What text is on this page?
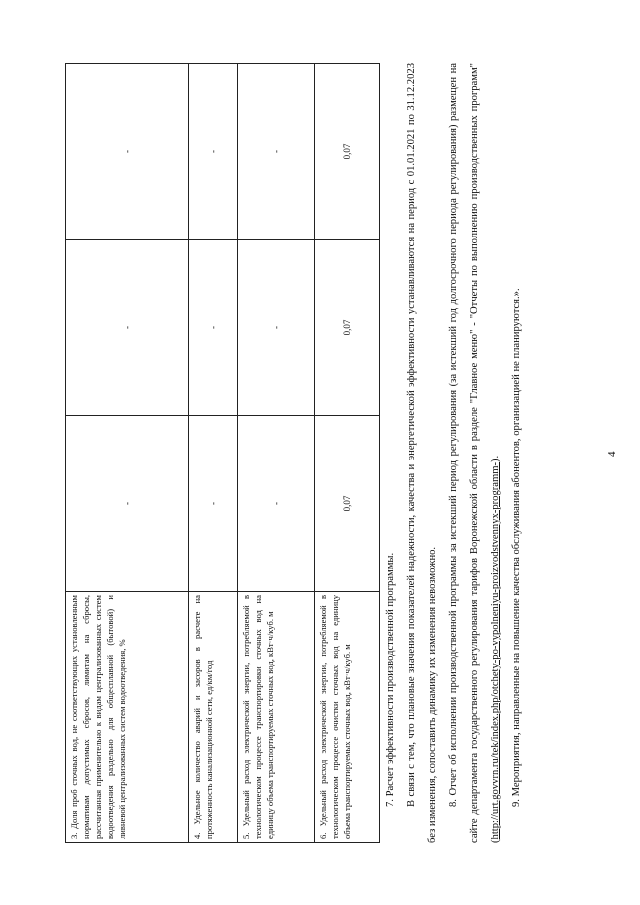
4
3. Доля проб сточных вод, не соответствующих установленным нормативам допустимых сбросов, лимитам на сбросы, рассчитанная применительно к видам централизованных систем водоотведения раздельно для общесплавной (бытовой) и ливневой централизованных систем водоотведения, %	-	-	-
4. Удельное количество аварий и засоров в расчете на протяженность канализационной сети, ед/км/год	-	-	-
5. Удельный расход электрической энергии, потребляемой в технологическом процессе транспортировки сточных вод на единицу объема транспортируемых сточных вод, кВт·ч/куб. м	-	-	-
6. Удельный расход электрической энергии, потребляемой в технологическом процессе очистки сточных вод на единицу объема транспортируемых сточных вод, кВт·ч/куб. м	0,07	0,07	0,07

7. Расчет эффективности производственной программы. В связи с тем, что плановые значения показателей надежности, качества и энергетической эффективности устанавливаются на период с 01.01.2021 по 31.12.2023 без изменения, сопоставить динамику их изменения невозможно. 8. Отчет об исполнении производственной программы за истекший период регулирования (за истекший год долгосрочного периода регулирования) размещен на сайте департамента государственного регулирования тарифов Воронежской области в разделе "Главное меню" - "Отчеты по выполнению производственных программ" (http://urt.govvrn.ru/tek/index.php/otchety-po-vypolneniyu-proizvodstvennyx-programm-). 9. Мероприятия, направленные на повышение качества обслуживания абонентов, организацией не планируются.».
